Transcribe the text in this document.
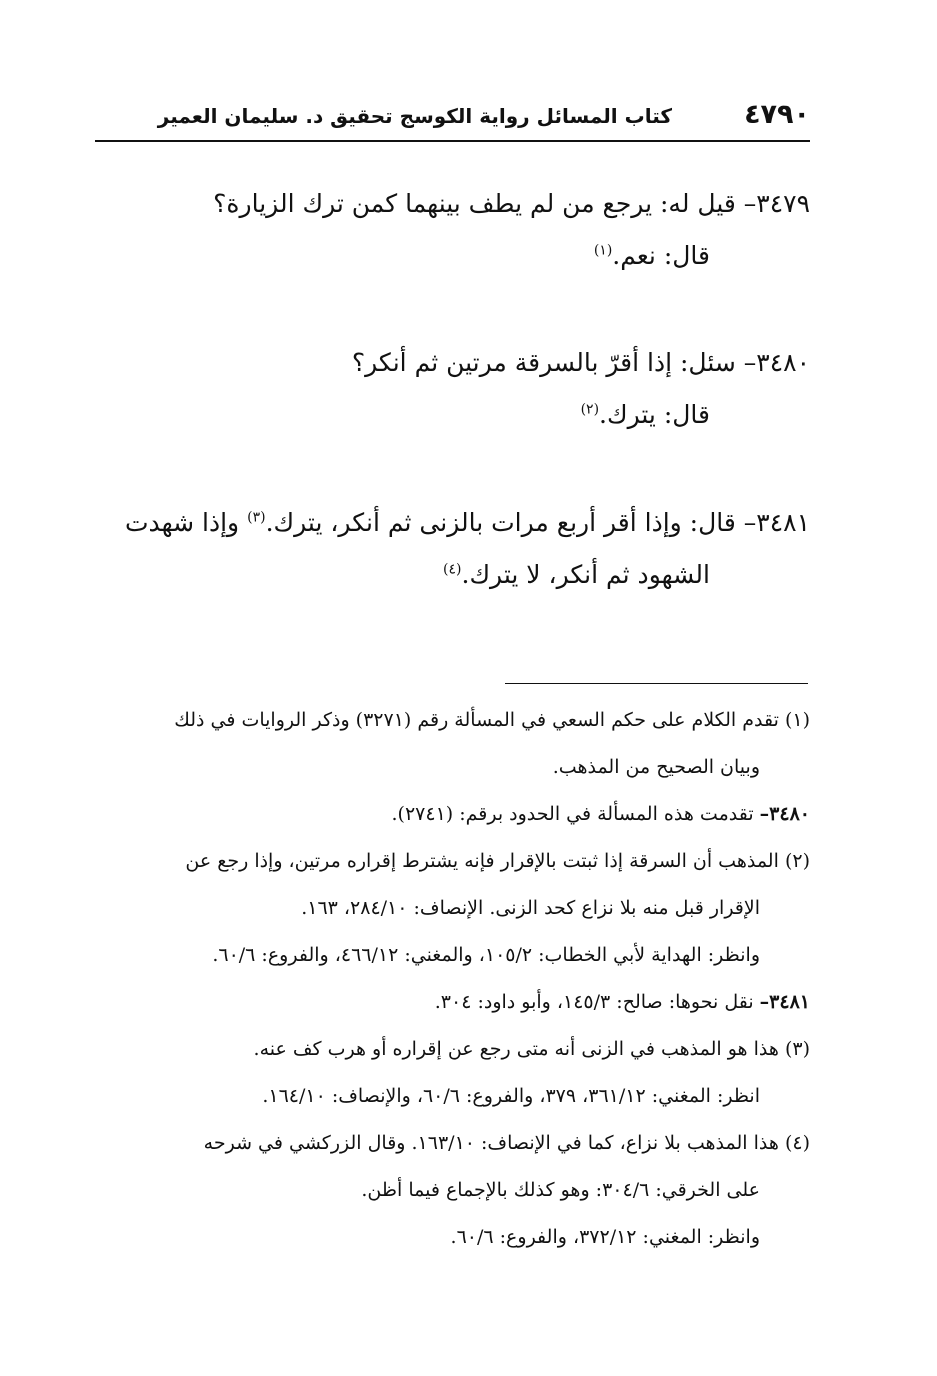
٤٧٩٠
كتاب المسائل رواية الكوسج تحقيق د. سليمان العمير
٣٤٧٩– قيل له: يرجع من لم يطف بينهما كمن ترك الزيارة؟
قال: نعم.$^{(١)}$
٣٤٨٠– سئل: إذا أقرّ بالسرقة مرتين ثم أنكر؟
قال: يترك.$^{(٢)}$
٣٤٨١– قال: وإذا أقر أربع مرات بالزنى ثم أنكر، يترك.$^{(٣)}$ وإذا شهدت
الشهود ثم أنكر، لا يترك.$^{(٤)}$
(١) تقدم الكلام على حكم السعي في المسألة رقم (٣٢٧١) وذكر الروايات في ذلك
وبيان الصحيح من المذهب.
٣٤٨٠– تقدمت هذه المسألة في الحدود برقم: (٢٧٤١).
(٢) المذهب أن السرقة إذا ثبتت بالإقرار فإنه يشترط إقراره مرتين، وإذا رجع عن
الإقرار قبل منه بلا نزاع كحد الزنى. الإنصاف: ٢٨٤/١٠، ١٦٣.
وانظر: الهداية لأبي الخطاب: ١٠٥/٢، والمغني: ٤٦٦/١٢، والفروع: ٦٠/٦.
٣٤٨١– نقل نحوها: صالح: ١٤٥/٣، وأبو داود: ٣٠٤.
(٣) هذا هو المذهب في الزنى أنه متى رجع عن إقراره أو هرب كف عنه.
انظر: المغني: ٣٦١/١٢، ٣٧٩، والفروع: ٦٠/٦، والإنصاف: ١٦٤/١٠.
(٤) هذا المذهب بلا نزاع، كما في الإنصاف: ١٦٣/١٠. وقال الزركشي في شرحه
على الخرقي: ٣٠٤/٦: وهو كذلك بالإجماع فيما أظن.
وانظر: المغني: ٣٧٢/١٢، والفروع: ٦٠/٦.
